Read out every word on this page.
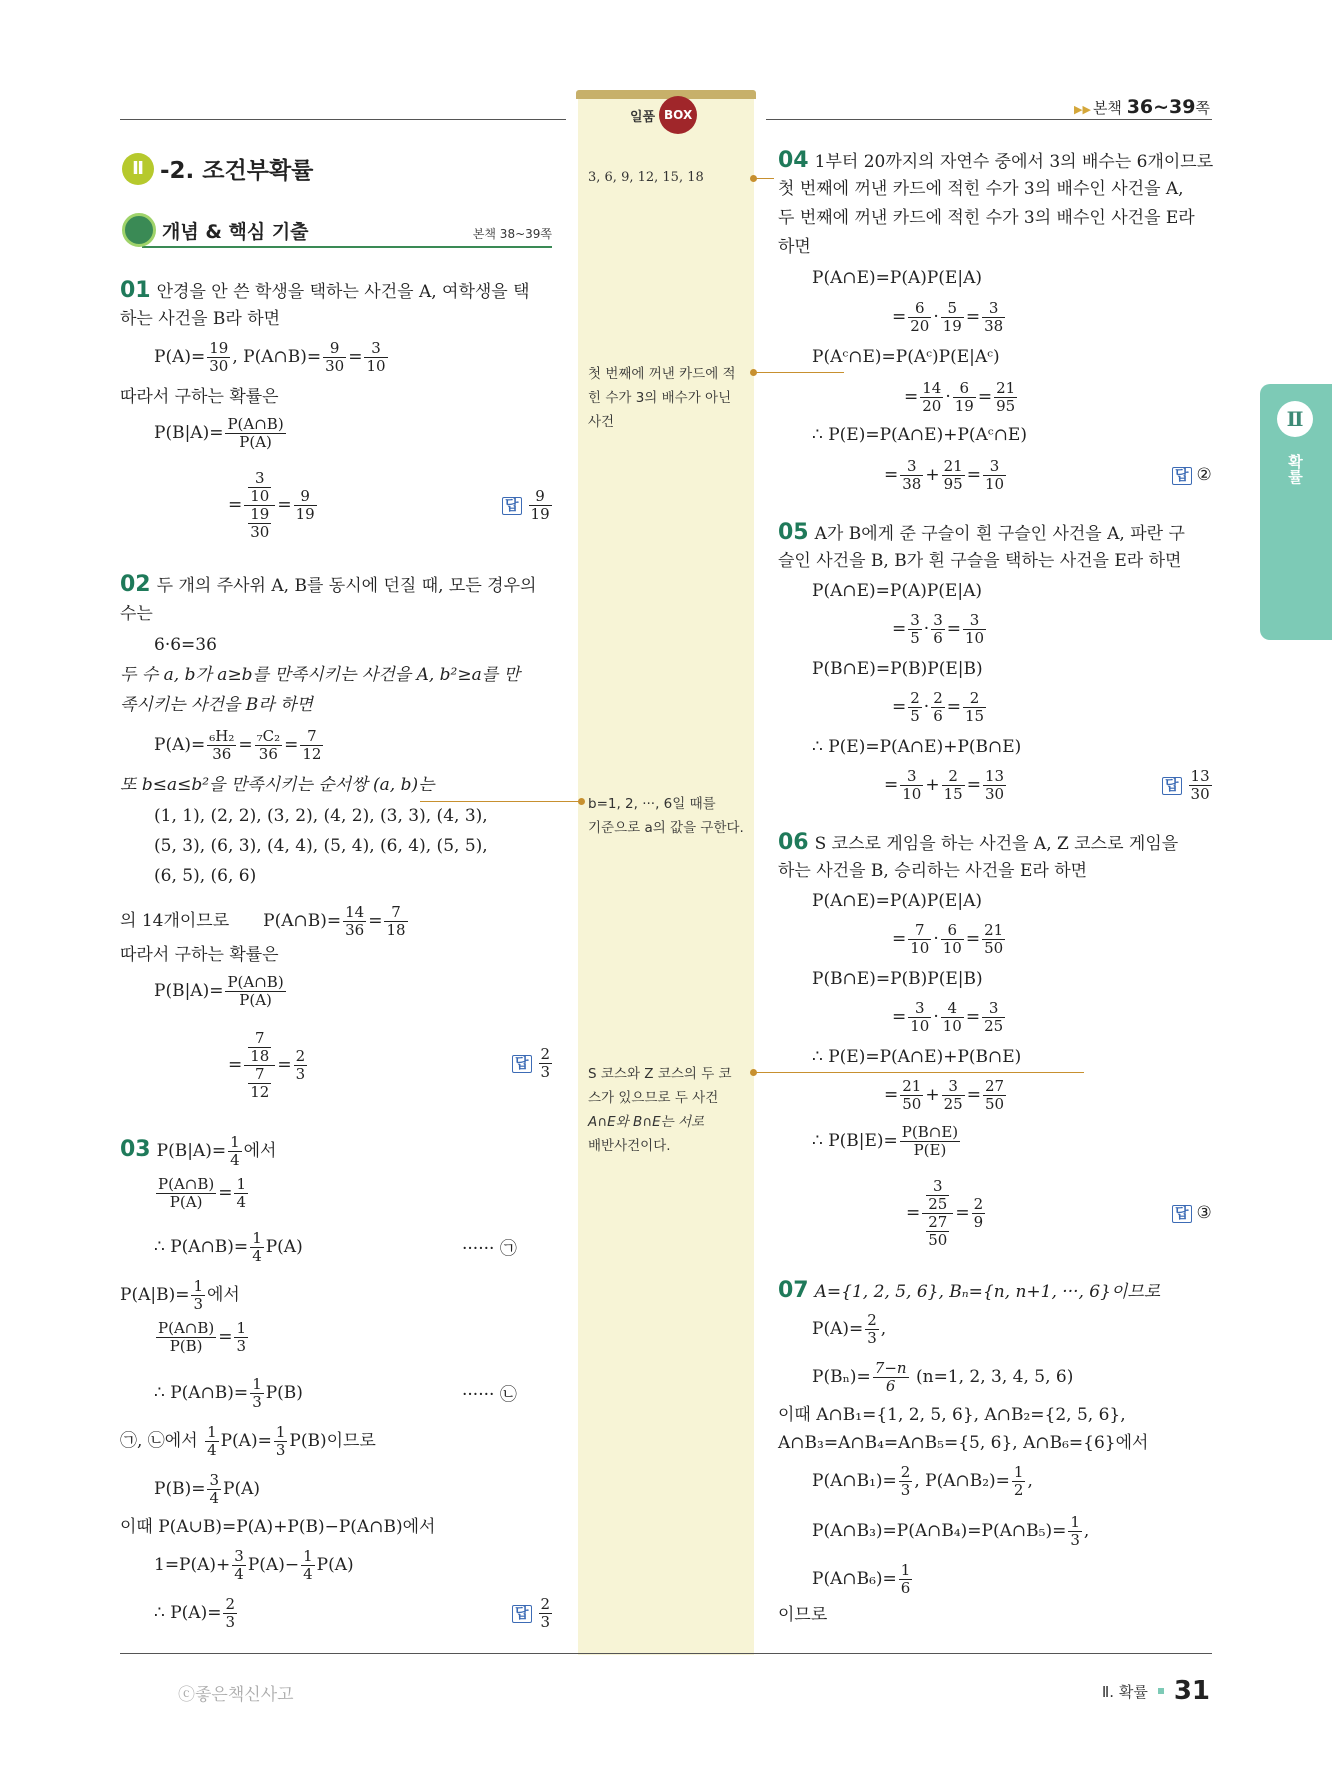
일품 BOX	▶▶ 본책 36~39쪽
Ⅱ -2. 조건부확률
개념 & 핵심 기출	본책 38~39쪽
01 안경을 안 쓴 학생을 택하는 사건을 A, 여학생을 택
하는 사건을 B라 하면
$P(A)= \frac{19}{30}$ , P(A∩B)= $\frac{9}{30} = \frac{3}{10}$
따라서 구하는 확률은
$P(B|A)= \frac{P(A\cap B)}{P(A)}$
= $\frac{\frac{3}{10}}{\frac{19}{30}} = \frac{9}{19}$	답 $\frac{9}{19}$
02 두 개의 주사위 A, B를 동시에 던질 때, 모든 경우의
수는
6·6=36
두 수 a, b가 a≥b를 만족시키는 사건을 A, b²≥a를 만
족시키는 사건을 B라 하면
$P(A)= \frac{\text{₆H₂}}{36} = \frac{\text{₇C₂}}{36} = \frac{7}{12}$
또 b≤a≤b²을 만족시키는 순서쌍 (a, b)는
(1, 1), (2, 2), (3, 2), (4, 2), (3, 3), (4, 3),
(5, 3), (6, 3), (4, 4), (5, 4), (6, 4), (5, 5),
(6, 5), (6, 6)
의 14개이므로 P(A∩B)= $\frac{14}{36} = \frac{7}{18}$
따라서 구하는 확률은
$P(B|A)= \frac{P(A\cap B)}{P(A)}$
= $\frac{\frac{7}{18}}{\frac{7}{12}} = \frac{2}{3}$	답 $\frac{2}{3}$
03 $P(B|A)= \frac{1}{4}$ 에서
$\frac{P(A\cap B)}{P(A)} = \frac{1}{4}$
∴ P(A∩B)= $\frac{1}{4} P(A)$	······ ㉠
$P(A|B)= \frac{1}{3}$ 에서
$\frac{P(A\cap B)}{P(B)} = \frac{1}{3}$
∴ P(A∩B)= $\frac{1}{3} P(B)$	······ ㉡
㉠, ㉡에서 $\frac{1}{4} P(A)= \frac{1}{3} P(B)$이므로
$P(B)= \frac{3}{4} P(A)$
이때 P(A∪B)=P(A)+P(B)−P(A∩B)에서
$1=P(A)+ \frac{3}{4} P(A)- \frac{1}{4} P(A)$
∴ $P(A)= \frac{2}{3}$	답 $\frac{2}{3}$
3, 6, 9, 12, 15, 18
첫 번째에 꺼낸 카드에 적
힌 수가 3의 배수가 아닌
사건
b=1, 2, ···, 6일 때를
기준으로 a의 값을 구한다.
S 코스와 Z 코스의 두 코
스가 있으므로 두 사건
A∩E와 B∩E는 서로
배반사건이다.
04 1부터 20까지의 자연수 중에서 3의 배수는 6개이므로
첫 번째에 꺼낸 카드에 적힌 수가 3의 배수인 사건을 A,
두 번째에 꺼낸 카드에 적힌 수가 3의 배수인 사건을 E라
하면
P(A∩E)=P(A)P(E|A)
= $\frac{6}{20} \cdot \frac{5}{19} = \frac{3}{38}$
P(Aᶜ∩E)=P(Aᶜ)P(E|Aᶜ)
= $\frac{14}{20} \cdot \frac{6}{19} = \frac{21}{95}$
∴ P(E)=P(A∩E)+P(Aᶜ∩E)
= $\frac{3}{38} + \frac{21}{95} = \frac{3}{10}$	답 ②
05 A가 B에게 준 구슬이 흰 구슬인 사건을 A, 파란 구
슬인 사건을 B, B가 흰 구슬을 택하는 사건을 E라 하면
P(A∩E)=P(A)P(E|A)
= $\frac{3}{5} \cdot \frac{3}{6} = \frac{3}{10}$
P(B∩E)=P(B)P(E|B)
= $\frac{2}{5} \cdot \frac{2}{6} = \frac{2}{15}$
∴ P(E)=P(A∩E)+P(B∩E)
= $\frac{3}{10} + \frac{2}{15} = \frac{13}{30}$	답 $\frac{13}{30}$
06 S 코스로 게임을 하는 사건을 A, Z 코스로 게임을
하는 사건을 B, 승리하는 사건을 E라 하면
P(A∩E)=P(A)P(E|A)
= $\frac{7}{10} \cdot \frac{6}{10} = \frac{21}{50}$
P(B∩E)=P(B)P(E|B)
= $\frac{3}{10} \cdot \frac{4}{10} = \frac{3}{25}$
∴ P(E)=P(A∩E)+P(B∩E)
= $\frac{21}{50} + \frac{3}{25} = \frac{27}{50}$
∴ $P(B|E)= \frac{P(B\cap E)}{P(E)}$
= $\frac{\frac{3}{25}}{\frac{27}{50}} = \frac{2}{9}$	답 ③
07 A={1, 2, 5, 6}, Bₙ={n, n+1, ···, 6}이므로
$P(A)= \frac{2}{3}$ ,
$P(B_n)= \frac{7-n}{6} (n=1$, 2, 3, 4, 5, 6)
이때 A∩B₁={1, 2, 5, 6}, A∩B₂={2, 5, 6},
A∩B₃=A∩B₄=A∩B₅={5, 6}, A∩B₆={6}에서
P(A∩B₁)= $\frac{2}{3}$ , P(A∩B₂)= $\frac{1}{2}$ ,
P(A∩B₃)=P(A∩B₄)=P(A∩B₅)= $\frac{1}{3}$ ,
P(A∩B₆)= $\frac{1}{6}$
이므로
Ⅱ
확률
ⓒ좋은책신사고	Ⅱ. 확률 31
